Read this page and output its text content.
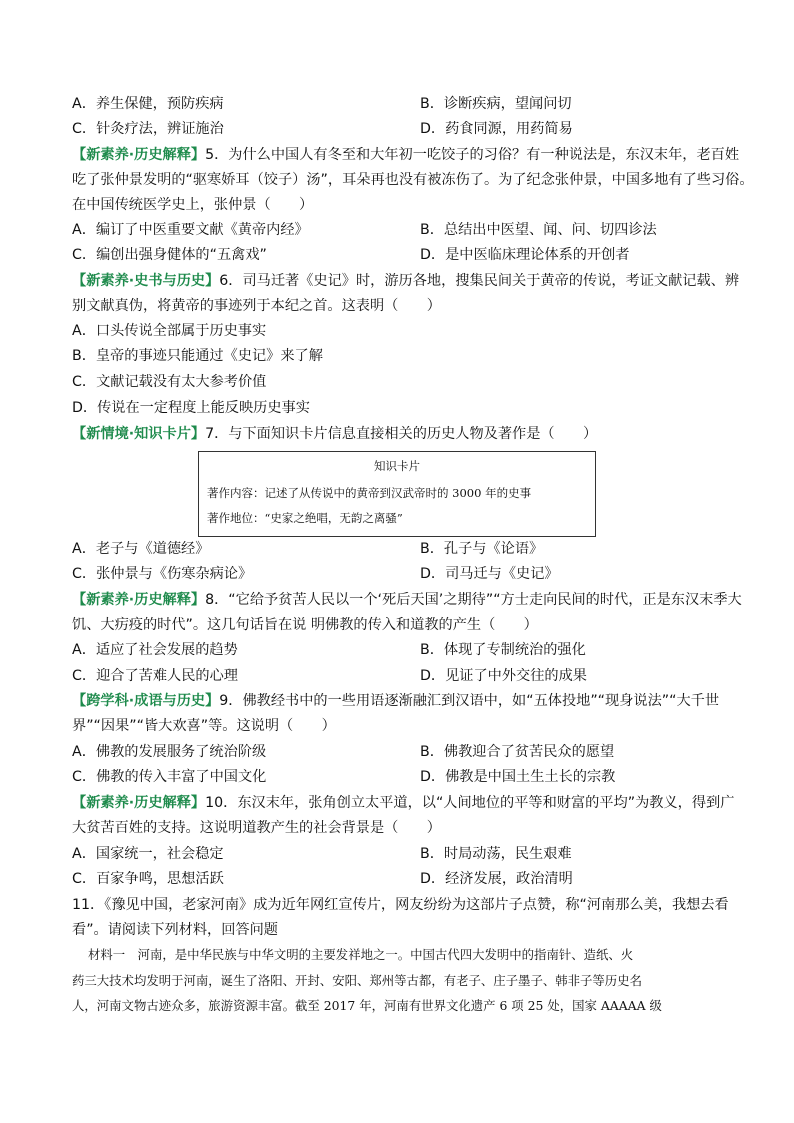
A．养生保健，预防疾病	B．诊断疾病，望闻问切
C．针灸疗法，辨证施治	D．药食同源，用药简易
【新素养·历史解释】5．为什么中国人有冬至和大年初一吃饺子的习俗？有一种说法是，东汉末年，老百姓
吃了张仲景发明的“驱寒娇耳（饺子）汤”，耳朵再也没有被冻伤了。为了纪念张仲景，中国多地有了些习俗。
在中国传统医学史上，张仲景（　　）
A．编订了中医重要文献《黄帝内经》	B．总结出中医望、闻、问、切四诊法
C．编创出强身健体的“五禽戏”	D．是中医临床理论体系的开创者
【新素养·史书与历史】6．司马迁著《史记》时，游历各地，搜集民间关于黄帝的传说，考证文献记载、辨
别文献真伪，将黄帝的事迹列于本纪之首。这表明（　　）
A．口头传说全部属于历史事实
B．皇帝的事迹只能通过《史记》来了解
C．文献记载没有太大参考价值
D．传说在一定程度上能反映历史事实
【新情境·知识卡片】7．与下面知识卡片信息直接相关的历史人物及著作是（　　）
知识卡片
著作内容：记述了从传说中的黄帝到汉武帝时的 3000 年的史事
著作地位：“史家之绝唱，无韵之离骚”
A．老子与《道德经》	B．孔子与《论语》
C．张仲景与《伤寒杂病论》	D．司马迁与《史记》
【新素养·历史解释】8．“它给予贫苦人民以一个‘死后天国’之期待”“方士走向民间的时代，正是东汉末季大
饥、大疠疫的时代”。这几句话旨在说 明佛教的传入和道教的产生（　　）
A．适应了社会发展的趋势	B．体现了专制统治的强化
C．迎合了苦难人民的心理	D．见证了中外交往的成果
【跨学科·成语与历史】9．佛教经书中的一些用语逐渐融汇到汉语中，如“五体投地”“现身说法”“大千世
界”“因果”“皆大欢喜”等。这说明（　　）
A．佛教的发展服务了统治阶级	B．佛教迎合了贫苦民众的愿望
C．佛教的传入丰富了中国文化	D．佛教是中国土生土长的宗教
【新素养·历史解释】10．东汉末年，张角创立太平道，以“人间地位的平等和财富的平均”为教义，得到广
大贫苦百姓的支持。这说明道教产生的社会背景是（　　）
A．国家统一，社会稳定	B．时局动荡，民生艰难
C．百家争鸣，思想活跃	D．经济发展，政治清明
11．《豫见中国，老家河南》成为近年网红宣传片，网友纷纷为这部片子点赞，称“河南那么美，我想去看
看”。请阅读下列材料，回答问题
材料一　河南，是中华民族与中华文明的主要发祥地之一。中国古代四大发明中的指南针、造纸、火
药三大技术均发明于河南，诞生了洛阳、开封、安阳、郑州等古都，有老子、庄子墨子、韩非子等历史名
人，河南文物古迹众多，旅游资源丰富。截至 2017 年，河南有世界文化遗产 6 项 25 处，国家 AAAAA 级
